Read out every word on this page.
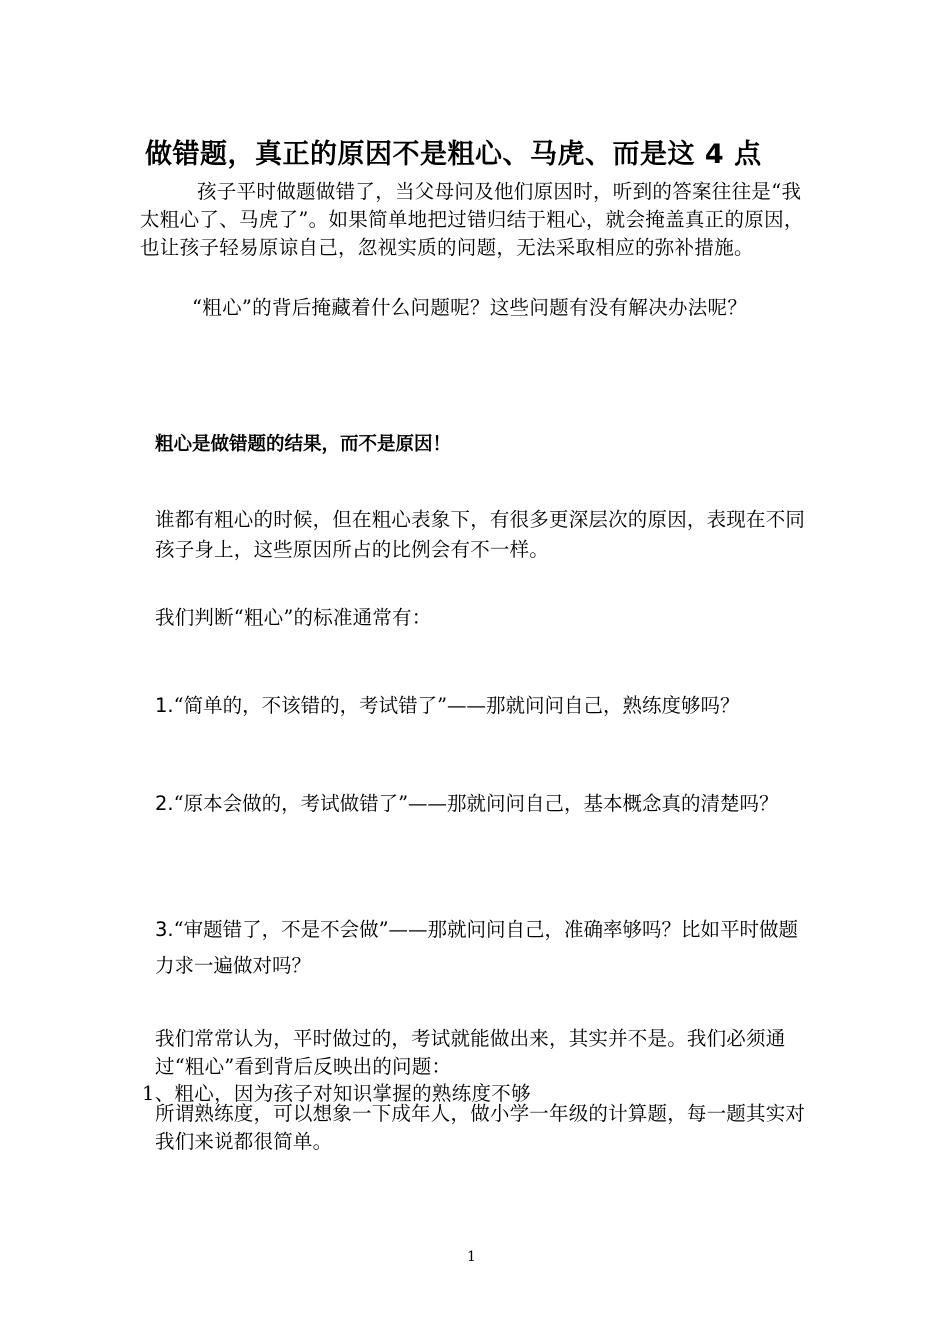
做错题，真正的原因不是粗心、马虎、而是这 4 点

孩子平时做题做错了，当父母问及他们原因时，听到的答案往往是“我太粗心了、马虎了”。如果简单地把过错归结于粗心，就会掩盖真正的原因，也让孩子轻易原谅自己，忽视实质的问题，无法采取相应的弥补措施。

“粗心”的背后掩藏着什么问题呢？这些问题有没有解决办法呢？

粗心是做错题的结果，而不是原因！

谁都有粗心的时候，但在粗心表象下，有很多更深层次的原因，表现在不同孩子身上，这些原因所占的比例会有不一样。

我们判断“粗心”的标准通常有：

1.“简单的，不该错的，考试错了”——那就问问自己，熟练度够吗？

2.“原本会做的，考试做错了”——那就问问自己，基本概念真的清楚吗？

3.“审题错了，不是不会做”——那就问问自己，准确率够吗？比如平时做题力求一遍做对吗？

我们常常认为，平时做过的，考试就能做出来，其实并不是。我们必须通过“粗心”看到背后反映出的问题：

1、粗心，因为孩子对知识掌握的熟练度不够

所谓熟练度，可以想象一下成年人，做小学一年级的计算题，每一题其实对我们来说都很简单。

1
